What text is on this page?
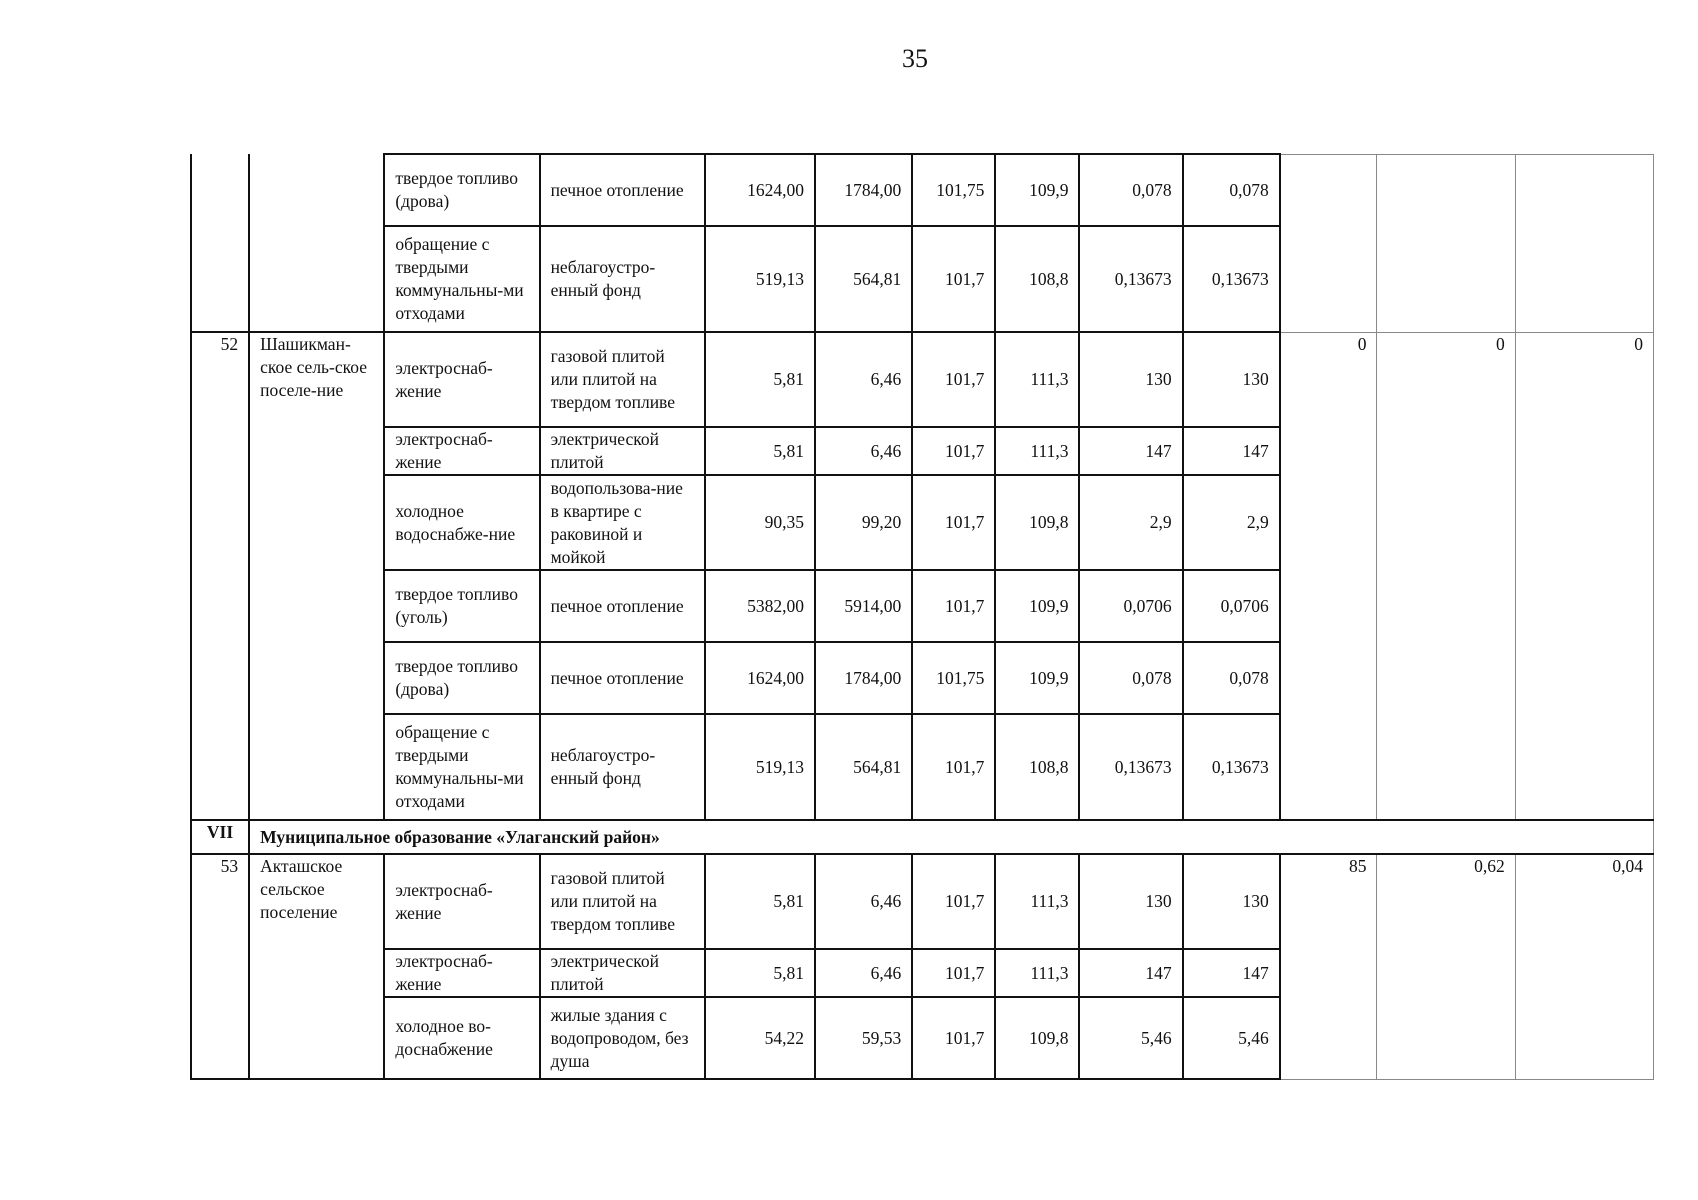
35
		твердое топливо (дрова)	печное отопление	1624,00	1784,00	101,75	109,9	0,078	0,078			
		обращение с твердыми коммунальны-ми отходами	неблагоустро-енный фонд	519,13	564,81	101,7	108,8	0,13673	0,13673			
52	Шашикман-ское сель-ское поселе-ние	электроснаб-жение	газовой плитой или плитой на твердом топливе	5,81	6,46	101,7	111,3	130	130	0	0	0
		электроснаб-жение	электрической плитой	5,81	6,46	101,7	111,3	147	147			
		холодное водоснабже-ние	водопользова-ние в квартире с раковиной и мойкой	90,35	99,20	101,7	109,8	2,9	2,9			
		твердое топливо (уголь)	печное отопление	5382,00	5914,00	101,7	109,9	0,0706	0,0706			
		твердое топливо (дрова)	печное отопление	1624,00	1784,00	101,75	109,9	0,078	0,078			
		обращение с твердыми коммунальны-ми отходами	неблагоустро-енный фонд	519,13	564,81	101,7	108,8	0,13673	0,13673			
VII	Муниципальное образование «Улаганский район»											
53	Акташское сельское поселение	электроснаб-жение	газовой плитой или плитой на твердом топливе	5,81	6,46	101,7	111,3	130	130	85	0,62	0,04
		электроснаб-жение	электрической плитой	5,81	6,46	101,7	111,3	147	147			
		холодное во-доснабжение	жилые здания с водопроводом, без душа	54,22	59,53	101,7	109,8	5,46	5,46			
